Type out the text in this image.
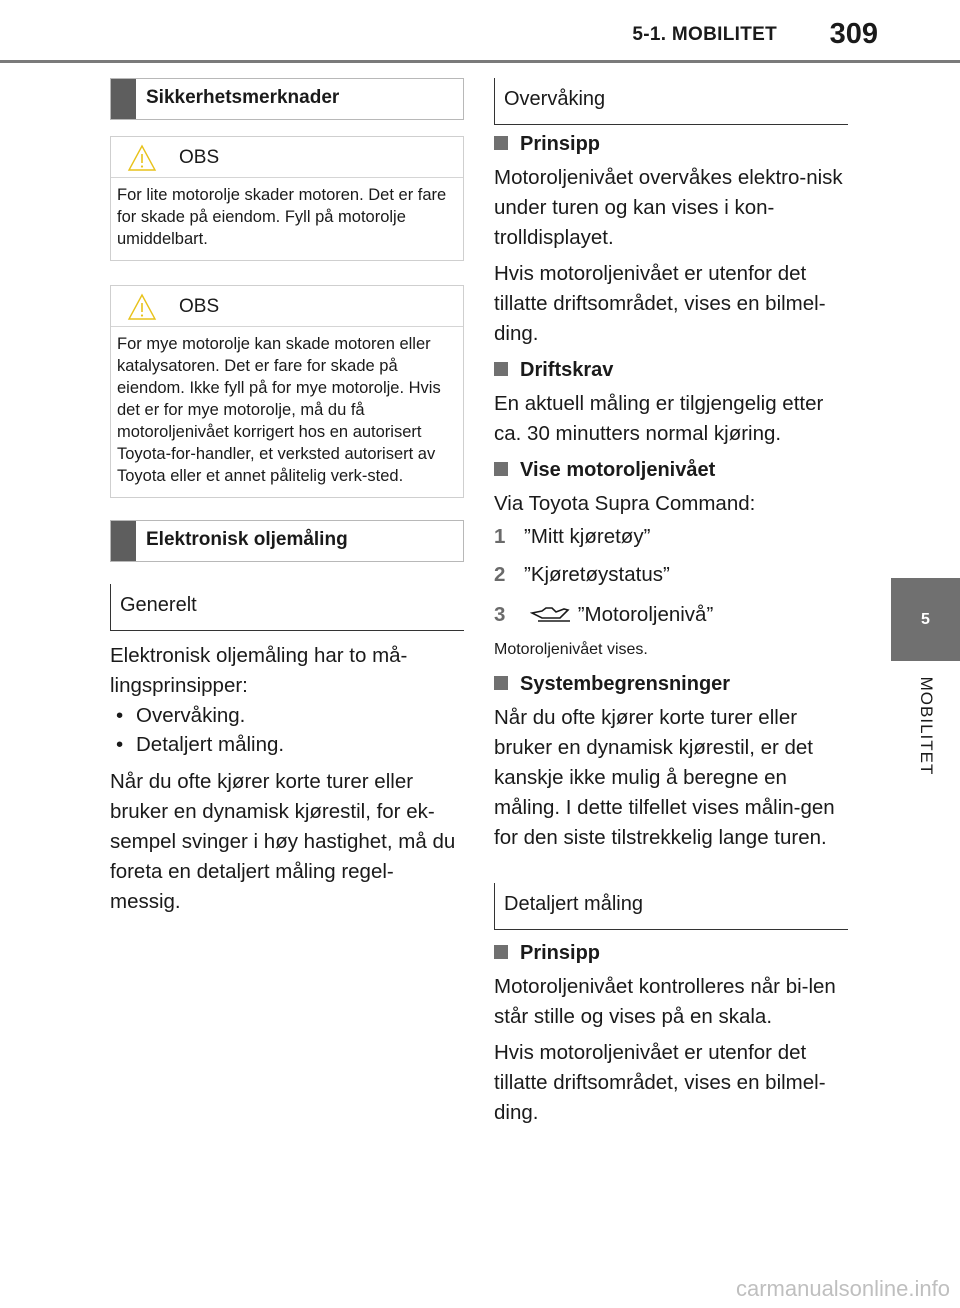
5-1. MOBILITET 309
5
MOBILITET
Sikkerhetsmerknader
OBS

For lite motorolje skader motoren. Det er fare for skade på eiendom. Fyll på motorolje umiddelbart.

OBS

For mye motorolje kan skade motoren eller katalysatoren. Det er fare for skade på eiendom. Ikke fyll på for mye motorolje. Hvis det er for mye motorolje, må du få motoroljenivået korrigert hos en autorisert Toyota-for-handler, et verksted autorisert av Toyota eller et annet pålitelig verk-sted.

Elektronisk oljemåling
Generelt

Elektronisk oljemåling har to må-lingsprinsipper:

• Overvåking.

• Detaljert måling.

Når du ofte kjører korte turer eller bruker en dynamisk kjørestil, for ek-sempel svinger i høy hastighet, må du foreta en detaljert måling regel-messig.

Overvåking

Prinsipp

Motoroljenivået overvåkes elektro-nisk under turen og kan vises i kon-trolldisplayet.

Hvis motoroljenivået er utenfor det tillatte driftsområdet, vises en bilmel-ding.

Driftskrav

En aktuell måling er tilgjengelig etter ca. 30 minutters normal kjøring.

Vise motoroljenivået

Via Toyota Supra Command:

1 ”Mitt kjøretøy”

2 ”Kjøretøystatus”

3	”Motoroljenivå”

Motoroljenivået vises.

Systembegrensninger

Når du ofte kjører korte turer eller bruker en dynamisk kjørestil, er det kanskje ikke mulig å beregne en måling. I dette tilfellet vises målin-gen for den siste tilstrekkelig lange turen.

Detaljert måling

Prinsipp

Motoroljenivået kontrolleres når bi-len står stille og vises på en skala.

Hvis motoroljenivået er utenfor det tillatte driftsområdet, vises en bilmel-ding.

carmanualsonline.info
